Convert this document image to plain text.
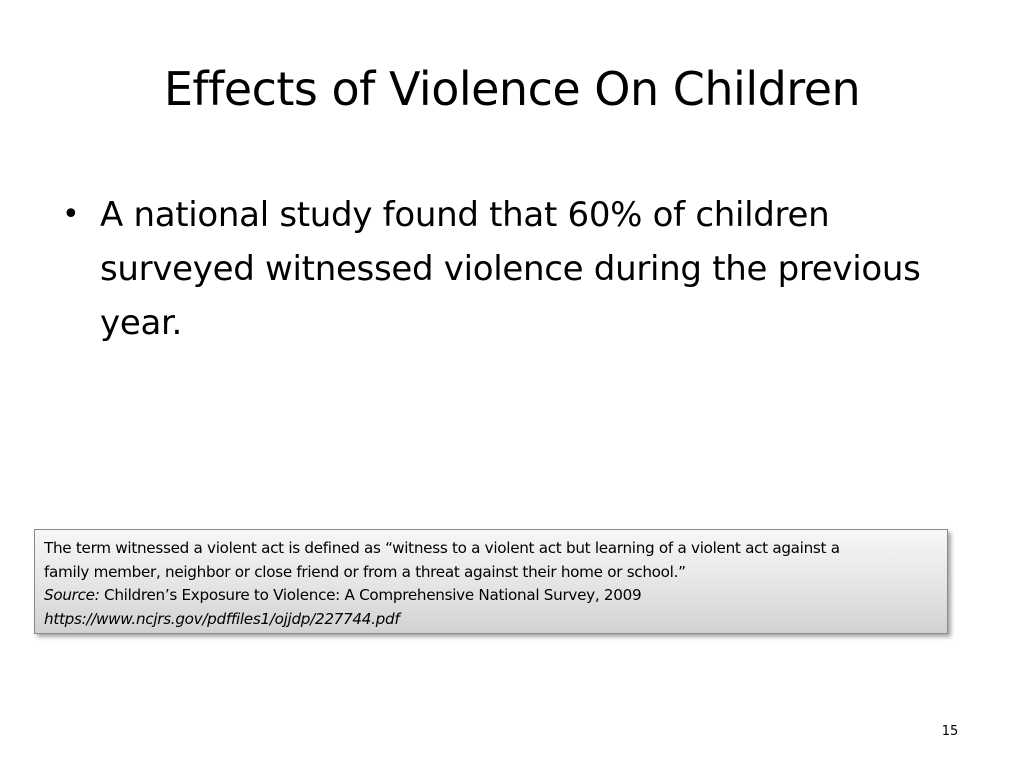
Effects of Violence On Children
• A national study found that 60% of children surveyed witnessed violence during the previous year.
The term witnessed a violent act is defined as “witness to a violent act but learning of a violent act against a
family member, neighbor or close friend or from a threat against their home or school.”
Source: Children’s Exposure to Violence: A Comprehensive National Survey, 2009
https://www.ncjrs.gov/pdffiles1/ojjdp/227744.pdf
15
